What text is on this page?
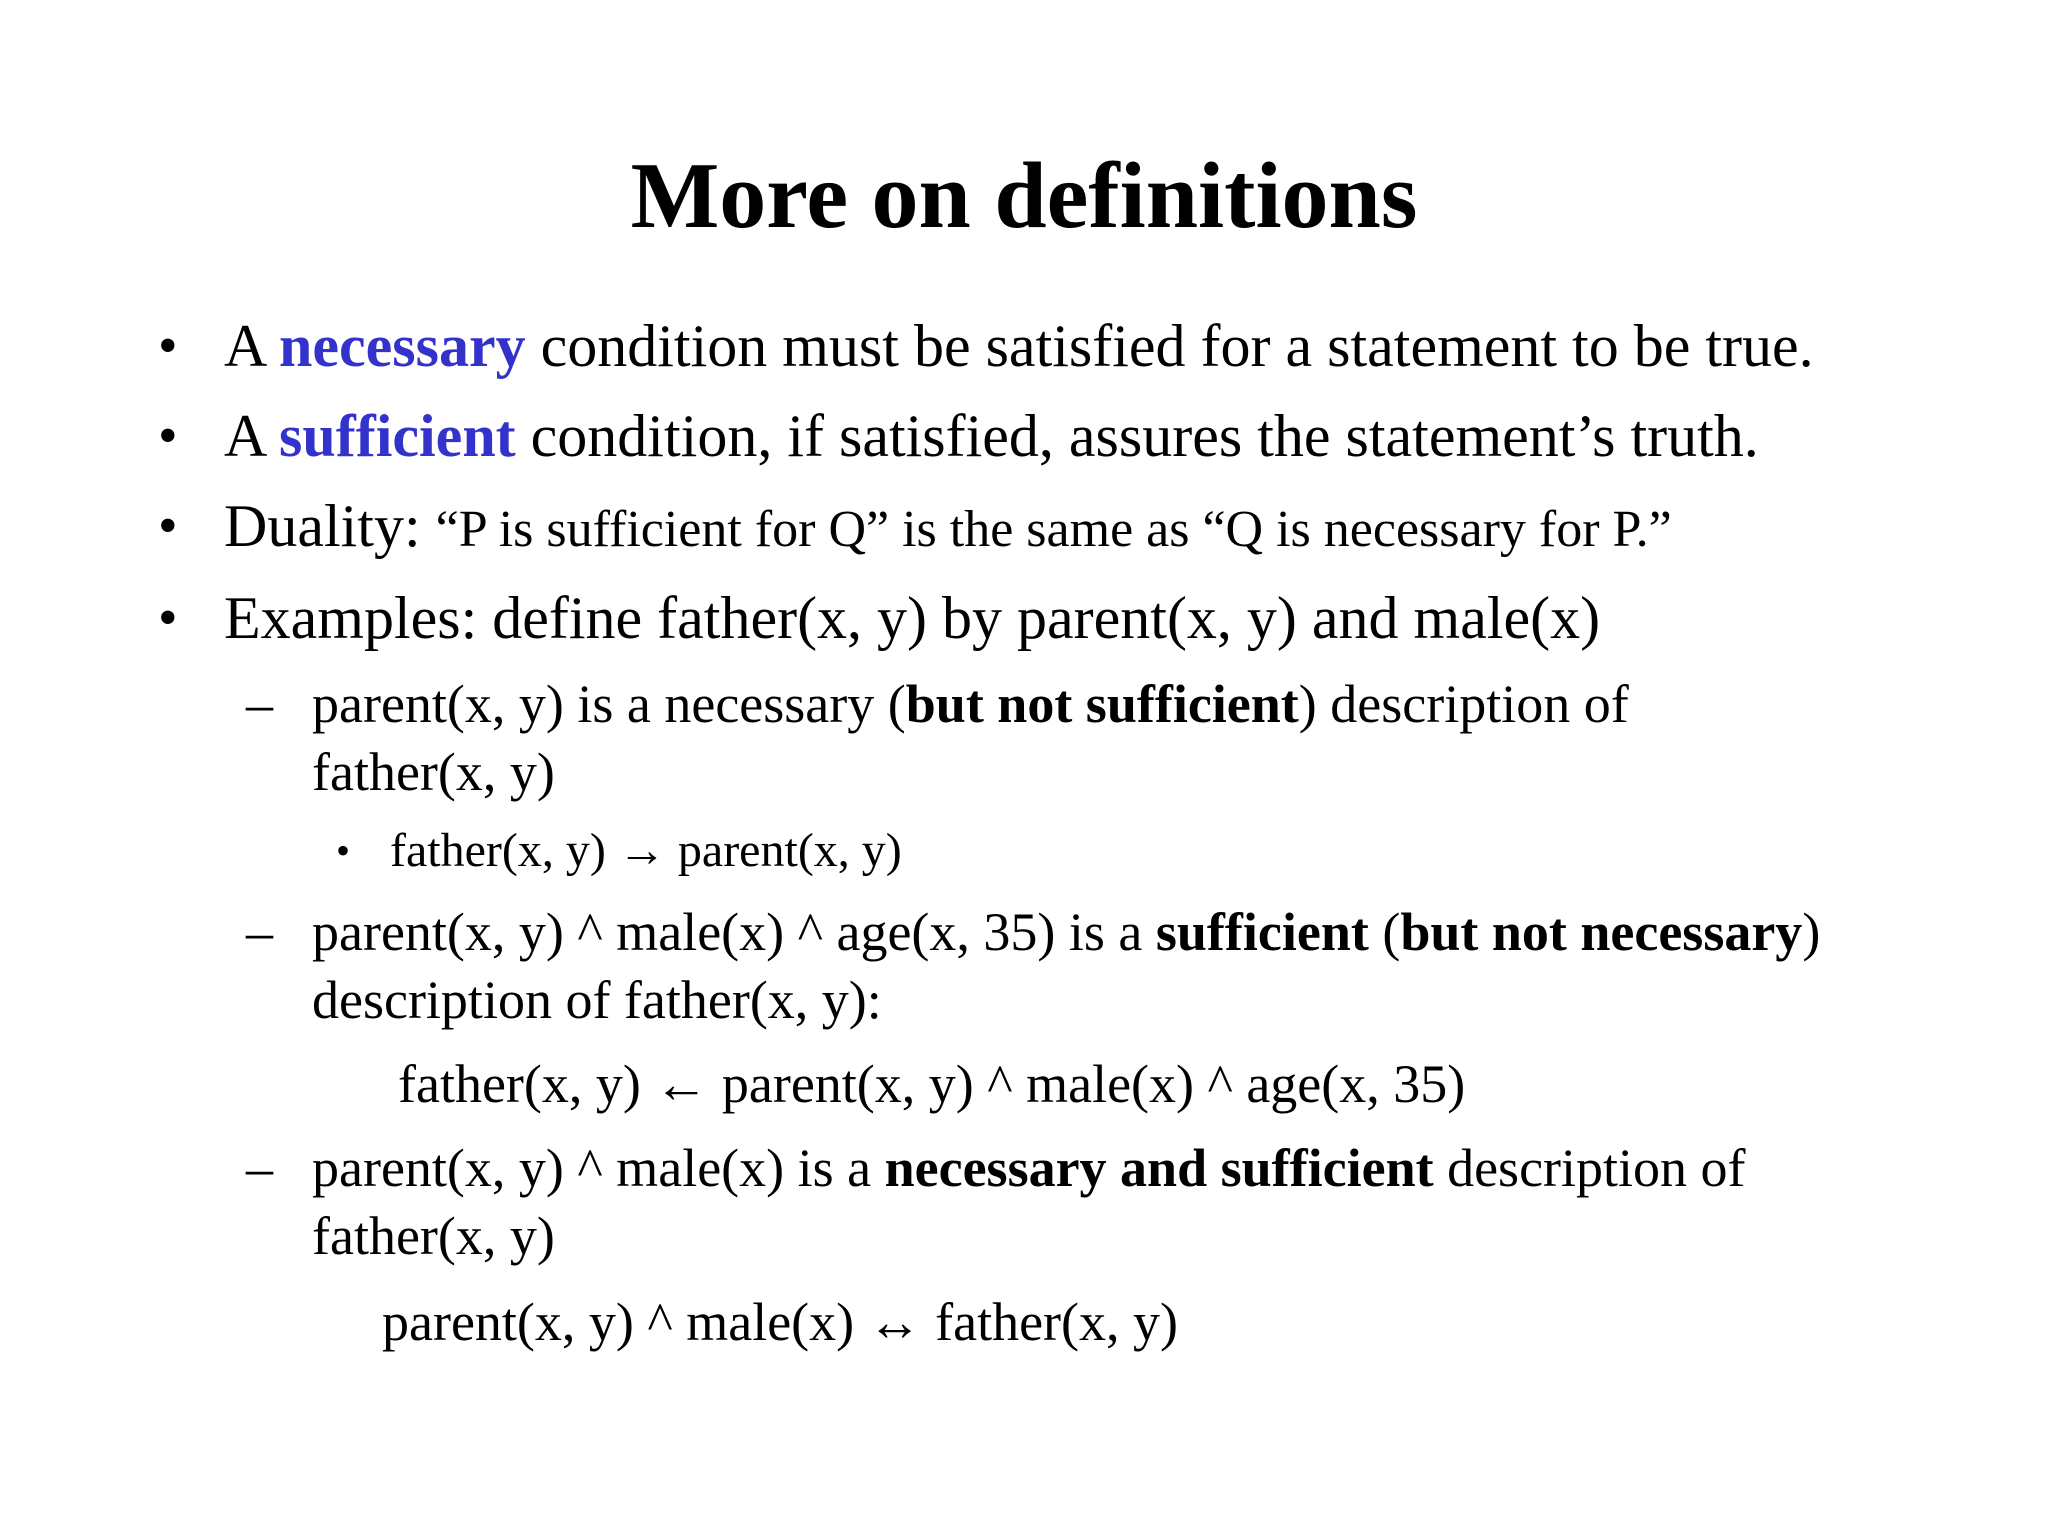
More on definitions
• A necessary condition must be satisfied for a statement to be true.
• A sufficient condition, if satisfied, assures the statement’s truth.
• Duality: “P is sufficient for Q” is the same as “Q is necessary for P.”
• Examples: define father(x, y) by parent(x, y) and male(x)
– parent(x, y) is a necessary (but not sufficient) description of
father(x, y)
• father(x, y) → parent(x, y)
– parent(x, y) ^ male(x) ^ age(x, 35) is a sufficient (but not necessary)
description of father(x, y):
father(x, y) ← parent(x, y) ^ male(x) ^ age(x, 35)
– parent(x, y) ^ male(x) is a necessary and sufficient description of
father(x, y)
parent(x, y) ^ male(x) ↔ father(x, y)
